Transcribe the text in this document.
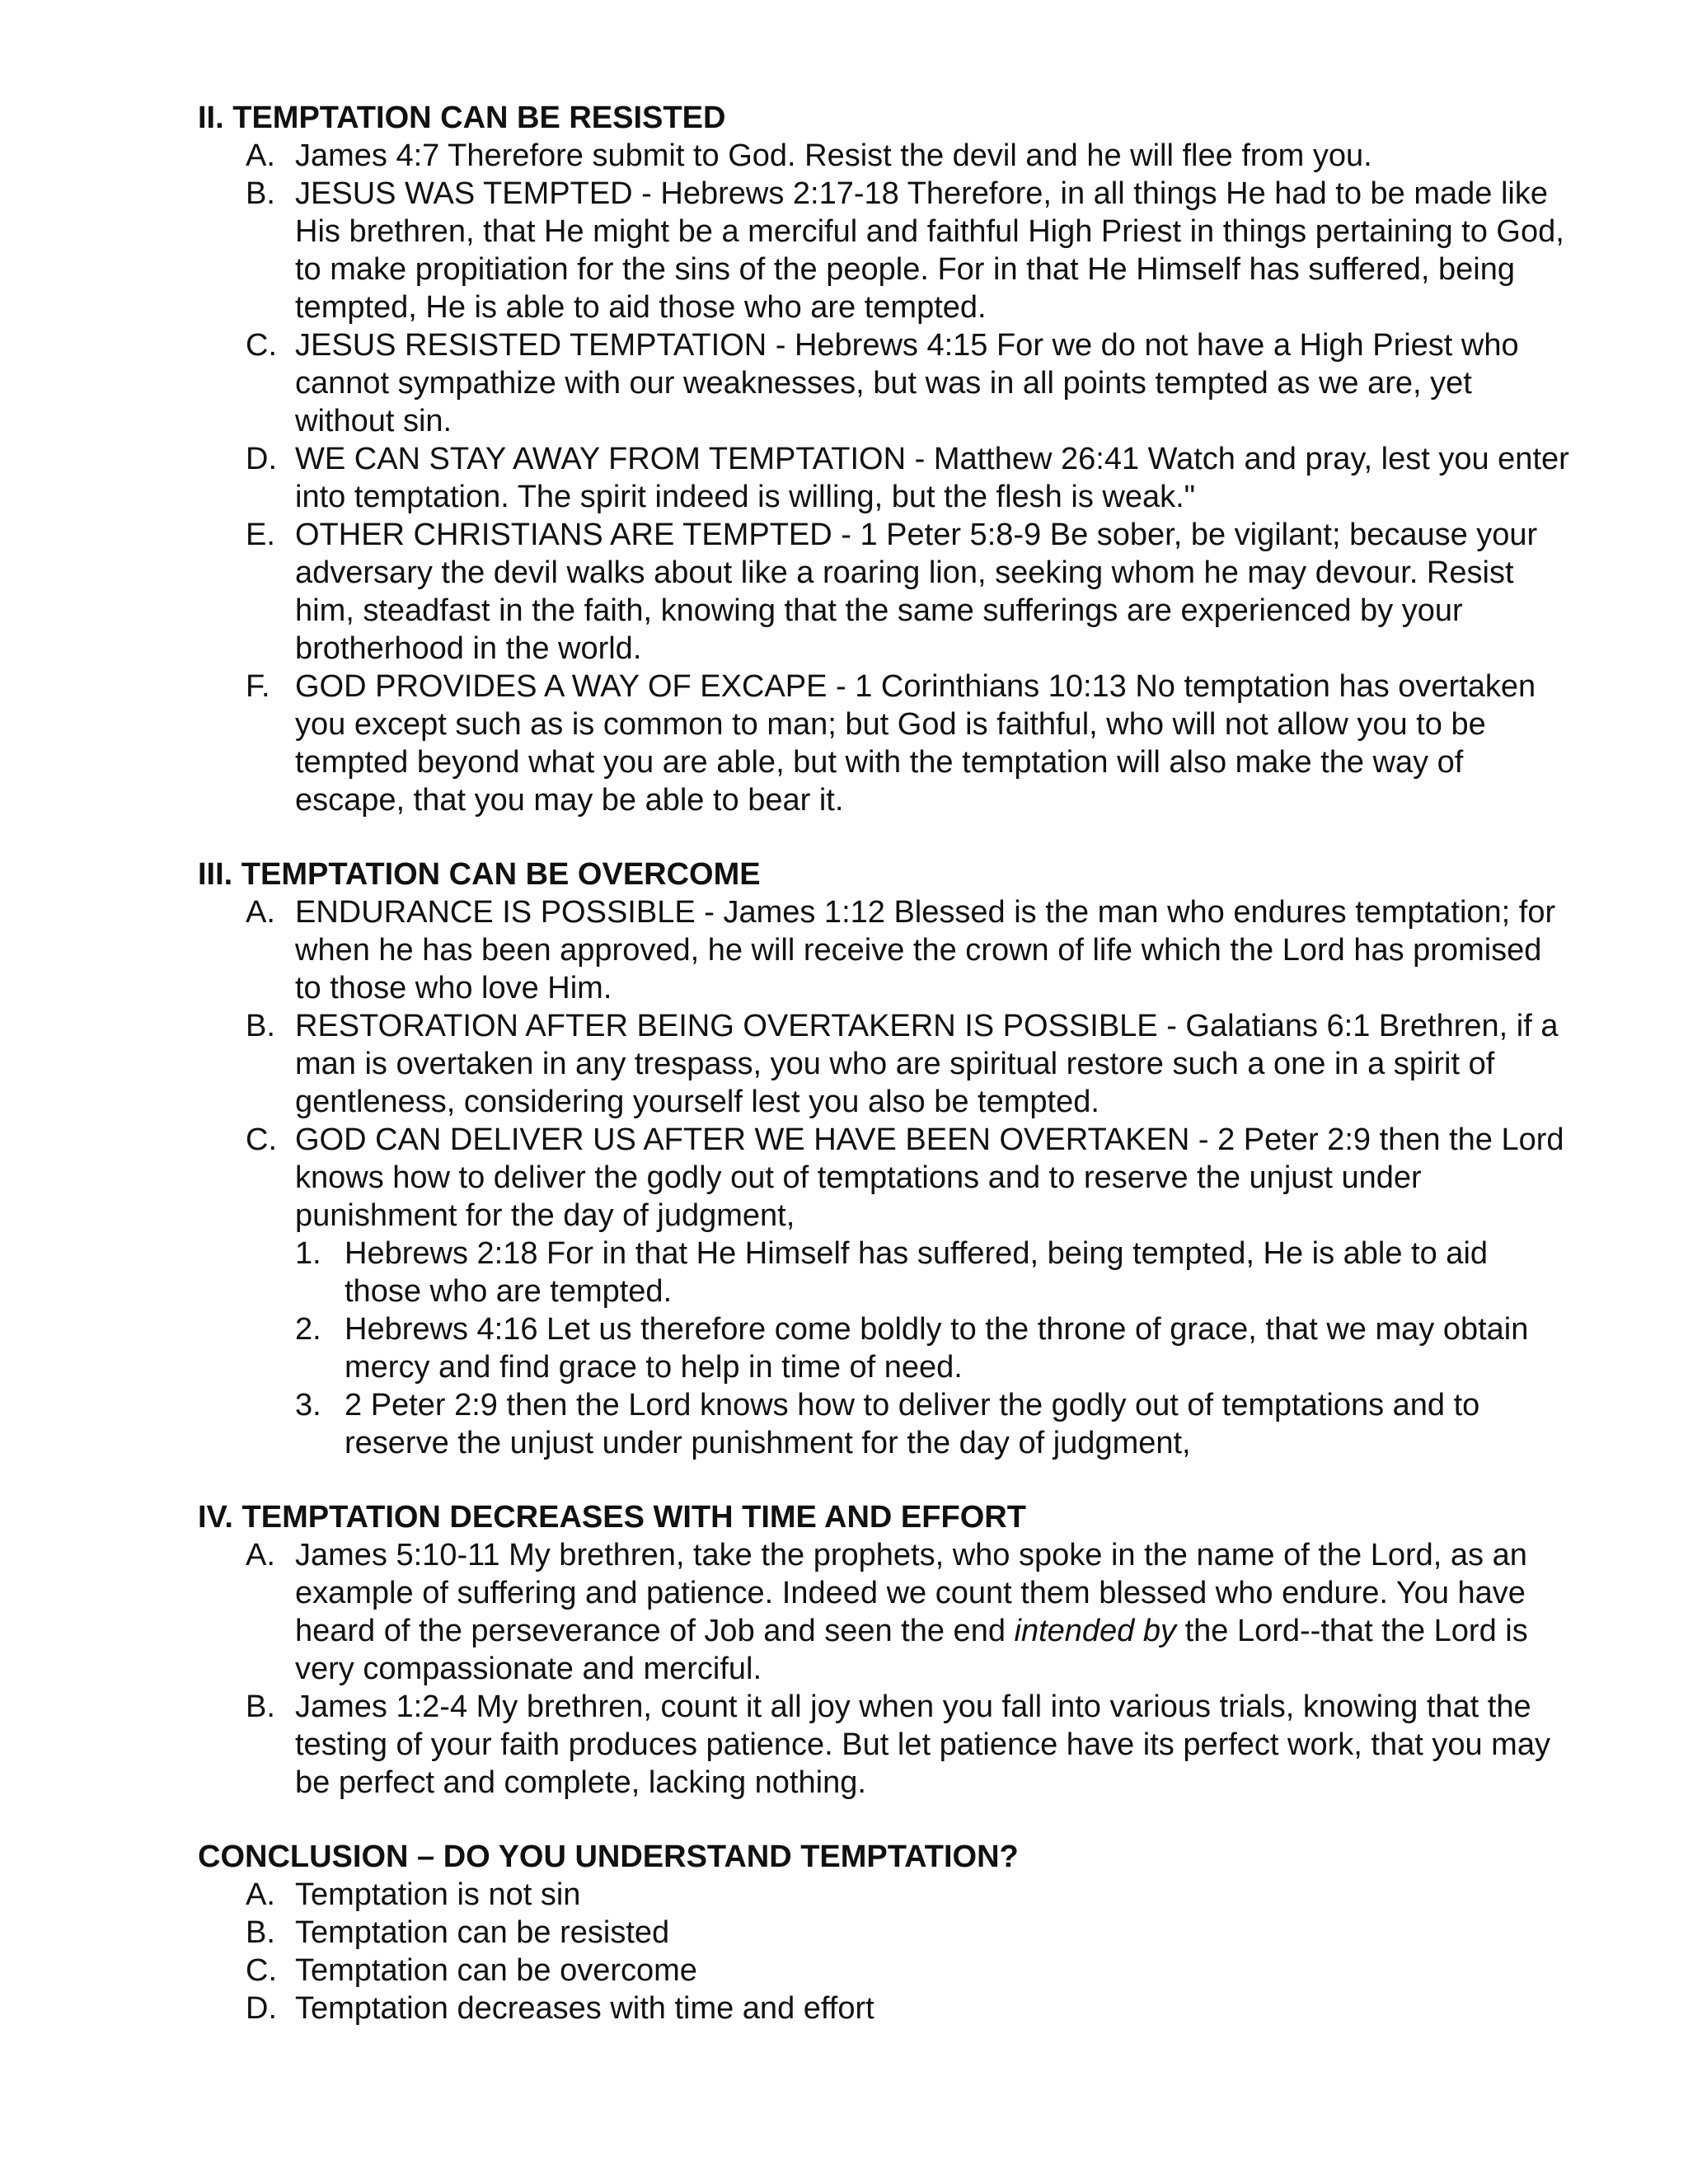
II. TEMPTATION CAN BE RESISTED
A. James 4:7 Therefore submit to God. Resist the devil and he will flee from you.
B. JESUS WAS TEMPTED - Hebrews 2:17-18 Therefore, in all things He had to be made like His brethren, that He might be a merciful and faithful High Priest in things pertaining to God, to make propitiation for the sins of the people. For in that He Himself has suffered, being tempted, He is able to aid those who are tempted.
C. JESUS RESISTED TEMPTATION - Hebrews 4:15 For we do not have a High Priest who cannot sympathize with our weaknesses, but was in all points tempted as we are, yet without sin.
D. WE CAN STAY AWAY FROM TEMPTATION - Matthew 26:41 Watch and pray, lest you enter into temptation. The spirit indeed is willing, but the flesh is weak."
E. OTHER CHRISTIANS ARE TEMPTED - 1 Peter 5:8-9 Be sober, be vigilant; because your adversary the devil walks about like a roaring lion, seeking whom he may devour. Resist him, steadfast in the faith, knowing that the same sufferings are experienced by your brotherhood in the world.
F. GOD PROVIDES A WAY OF EXCAPE - 1 Corinthians 10:13 No temptation has overtaken you except such as is common to man; but God is faithful, who will not allow you to be tempted beyond what you are able, but with the temptation will also make the way of escape, that you may be able to bear it.
III. TEMPTATION CAN BE OVERCOME
A. ENDURANCE IS POSSIBLE - James 1:12 Blessed is the man who endures temptation; for when he has been approved, he will receive the crown of life which the Lord has promised to those who love Him.
B. RESTORATION AFTER BEING OVERTAKERN IS POSSIBLE - Galatians 6:1 Brethren, if a man is overtaken in any trespass, you who are spiritual restore such a one in a spirit of gentleness, considering yourself lest you also be tempted.
C. GOD CAN DELIVER US AFTER WE HAVE BEEN OVERTAKEN - 2 Peter 2:9 then the Lord knows how to deliver the godly out of temptations and to reserve the unjust under punishment for the day of judgment,
1. Hebrews 2:18 For in that He Himself has suffered, being tempted, He is able to aid those who are tempted.
2. Hebrews 4:16 Let us therefore come boldly to the throne of grace, that we may obtain mercy and find grace to help in time of need.
3. 2 Peter 2:9 then the Lord knows how to deliver the godly out of temptations and to reserve the unjust under punishment for the day of judgment,
IV. TEMPTATION DECREASES WITH TIME AND EFFORT
A. James 5:10-11 My brethren, take the prophets, who spoke in the name of the Lord, as an example of suffering and patience. Indeed we count them blessed who endure. You have heard of the perseverance of Job and seen the end intended by the Lord--that the Lord is very compassionate and merciful.
B. James 1:2-4 My brethren, count it all joy when you fall into various trials, knowing that the testing of your faith produces patience. But let patience have its perfect work, that you may be perfect and complete, lacking nothing.
CONCLUSION – DO YOU UNDERSTAND TEMPTATION?
A. Temptation is not sin
B. Temptation can be resisted
C. Temptation can be overcome
D. Temptation decreases with time and effort
